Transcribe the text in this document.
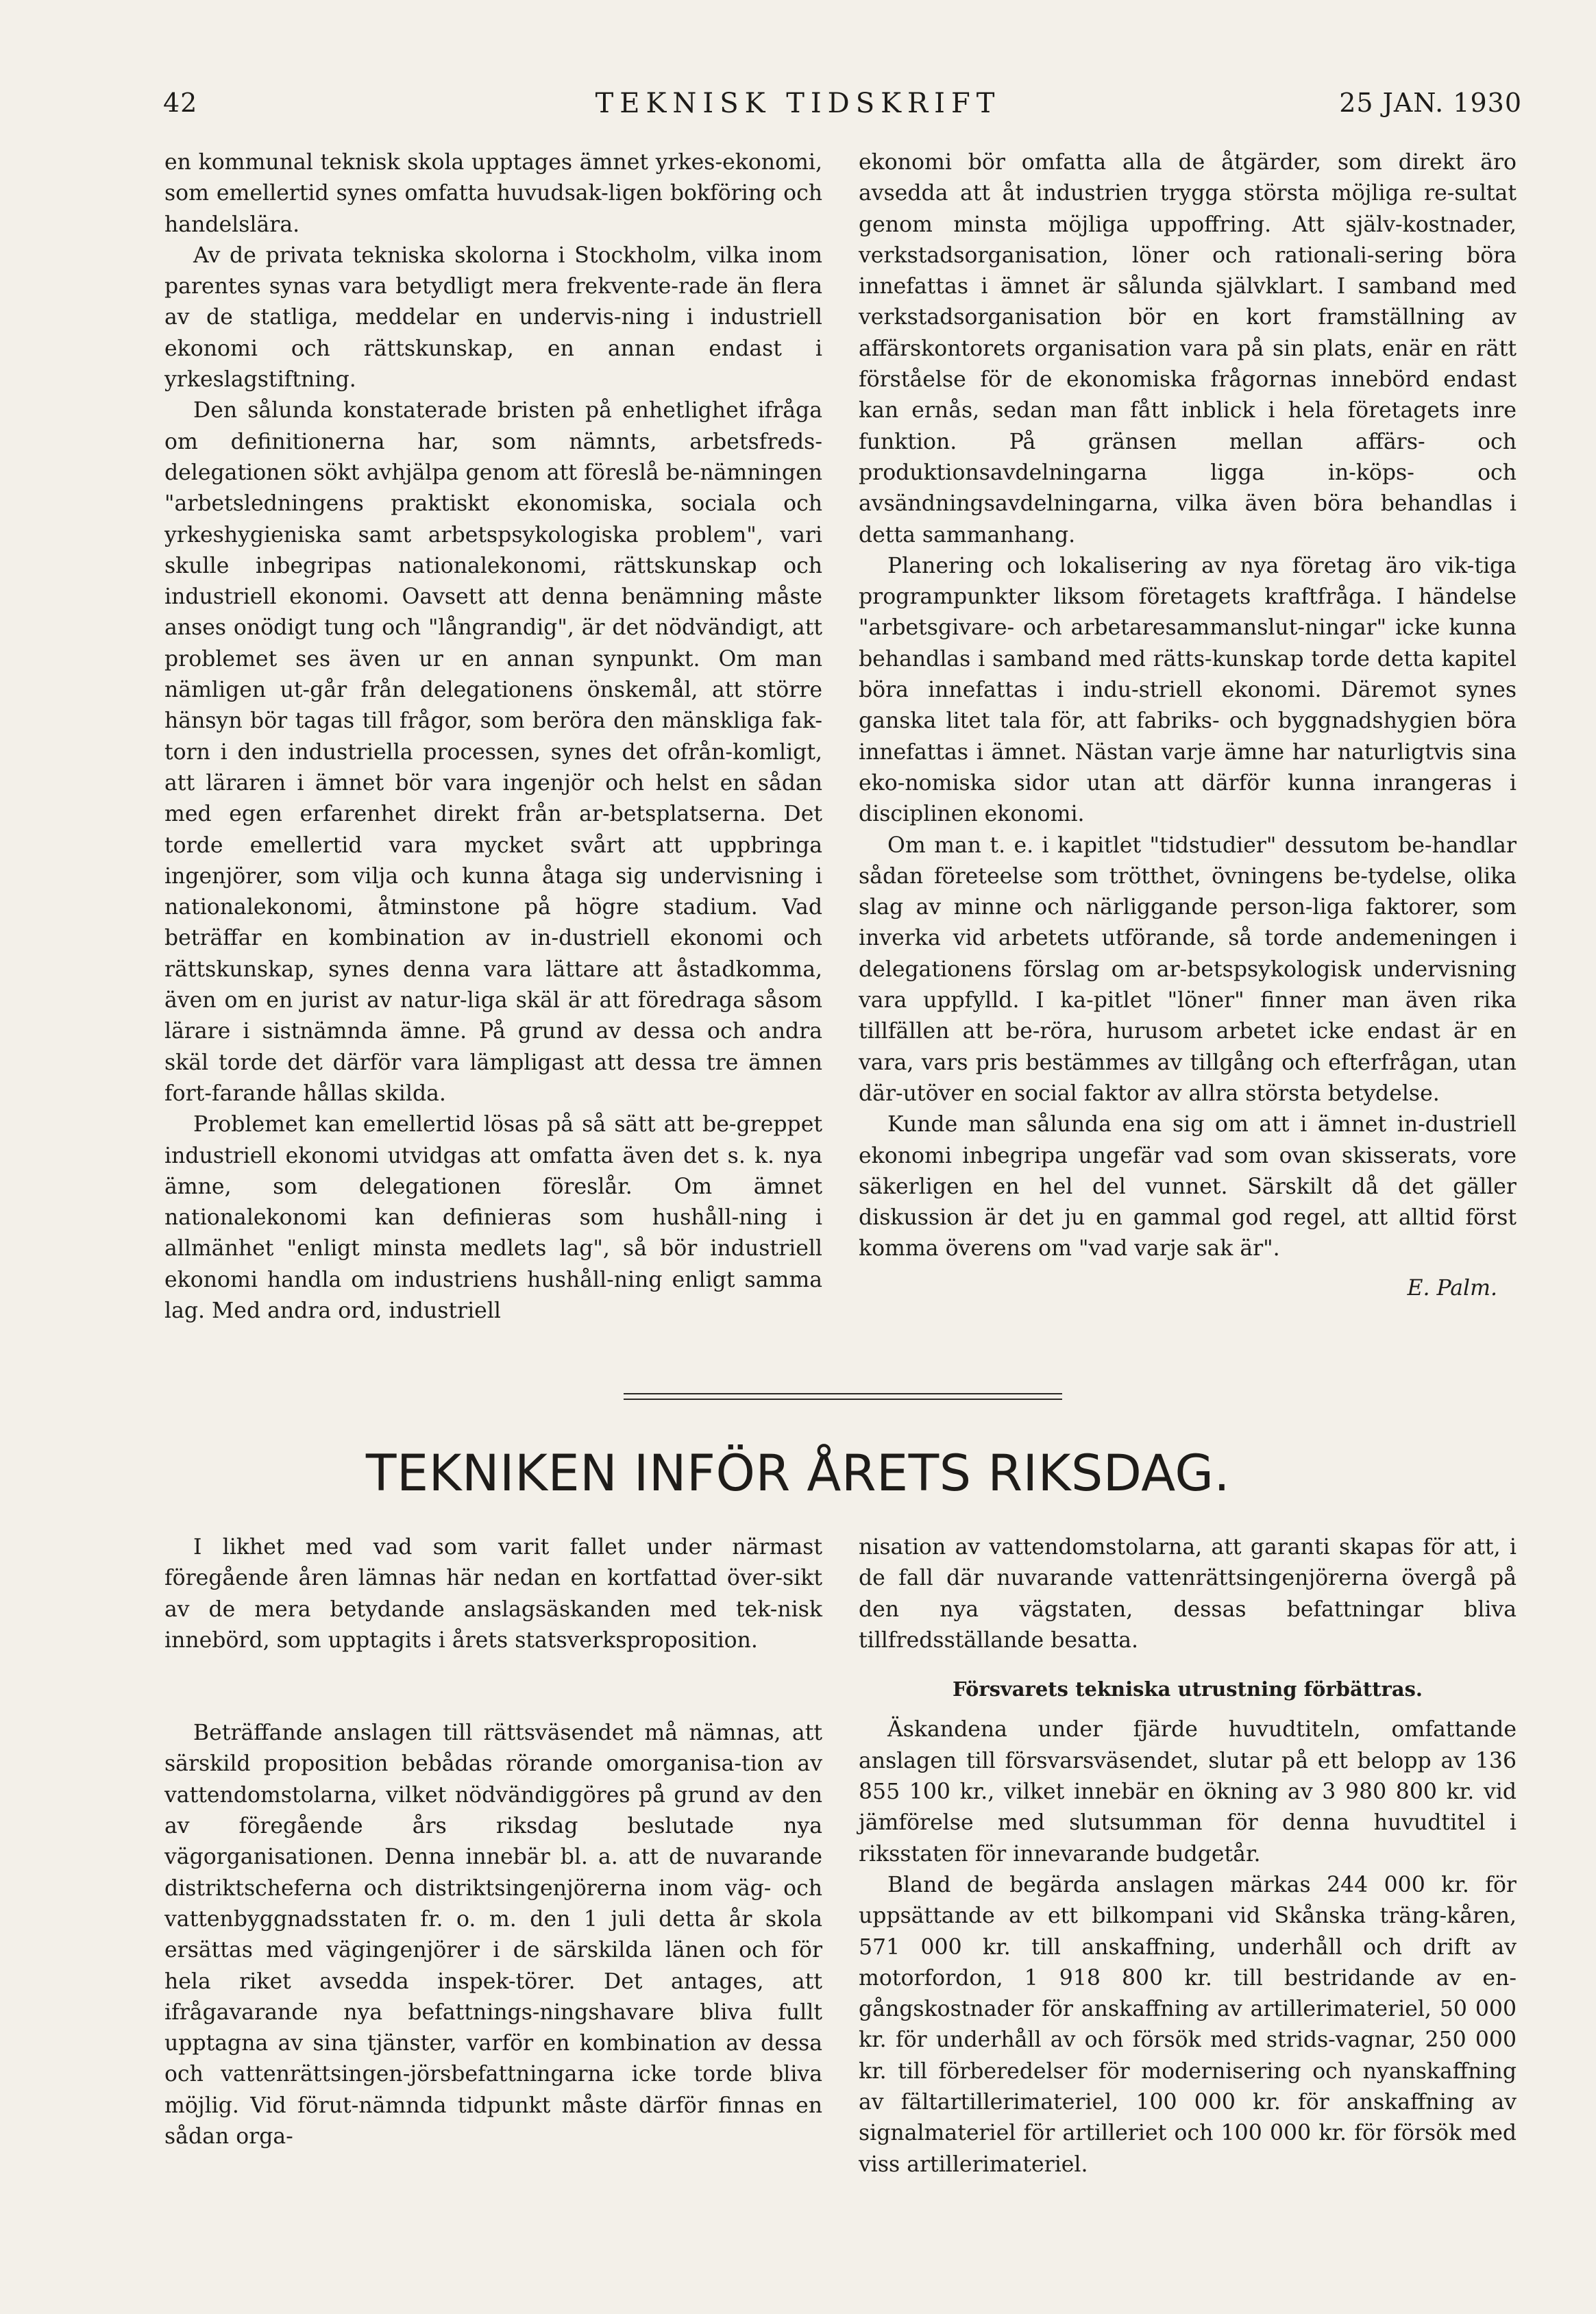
42	TEKNISK TIDSKRIFT	25 JAN. 1930

en kommunal teknisk skola upptages ämnet yrkes-ekonomi, som emellertid synes omfatta huvudsak-ligen bokföring och handelslära.

Av de privata tekniska skolorna i Stockholm, vilka inom parentes synas vara betydligt mera frekvente-rade än flera av de statliga, meddelar en undervis-ning i industriell ekonomi och rättskunskap, en annan endast i yrkeslagstiftning.

Den sålunda konstaterade bristen på enhetlighet ifråga om definitionerna har, som nämnts, arbetsfreds-delegationen sökt avhjälpa genom att föreslå be-nämningen "arbetsledningens praktiskt ekonomiska, sociala och yrkeshygieniska samt arbetspsykologiska problem", vari skulle inbegripas nationalekonomi, rättskunskap och industriell ekonomi. Oavsett att denna benämning måste anses onödigt tung och "långrandig", är det nödvändigt, att problemet ses även ur en annan synpunkt. Om man nämligen ut-går från delegationens önskemål, att större hänsyn bör tagas till frågor, som beröra den mänskliga fak-torn i den industriella processen, synes det ofrån-komligt, att läraren i ämnet bör vara ingenjör och helst en sådan med egen erfarenhet direkt från ar-betsplatserna. Det torde emellertid vara mycket svårt att uppbringa ingenjörer, som vilja och kunna åtaga sig undervisning i nationalekonomi, åtminstone på högre stadium. Vad beträffar en kombination av in-dustriell ekonomi och rättskunskap, synes denna vara lättare att åstadkomma, även om en jurist av natur-liga skäl är att föredraga såsom lärare i sistnämnda ämne. På grund av dessa och andra skäl torde det därför vara lämpligast att dessa tre ämnen fort-farande hållas skilda.

Problemet kan emellertid lösas på så sätt att be-greppet industriell ekonomi utvidgas att omfatta även det s. k. nya ämne, som delegationen föreslår. Om ämnet nationalekonomi kan definieras som hushåll-ning i allmänhet "enligt minsta medlets lag", så bör industriell ekonomi handla om industriens hushåll-ning enligt samma lag. Med andra ord, industriell

ekonomi bör omfatta alla de åtgärder, som direkt äro avsedda att åt industrien trygga största möjliga re-sultat genom minsta möjliga uppoffring. Att själv-kostnader, verkstadsorganisation, löner och rationali-sering böra innefattas i ämnet är sålunda självklart. I samband med verkstadsorganisation bör en kort framställning av affärskontorets organisation vara på sin plats, enär en rätt förståelse för de ekonomiska frågornas innebörd endast kan ernås, sedan man fått inblick i hela företagets inre funktion. På gränsen mellan affärs- och produktionsavdelningarna ligga in-köps- och avsändningsavdelningarna, vilka även böra behandlas i detta sammanhang.

Planering och lokalisering av nya företag äro vik-tiga programpunkter liksom företagets kraftfråga. I händelse "arbetsgivare- och arbetaresammanslut-ningar" icke kunna behandlas i samband med rätts-kunskap torde detta kapitel böra innefattas i indu-striell ekonomi. Däremot synes ganska litet tala för, att fabriks- och byggnadshygien böra innefattas i ämnet. Nästan varje ämne har naturligtvis sina eko-nomiska sidor utan att därför kunna inrangeras i disciplinen ekonomi.

Om man t. e. i kapitlet "tidstudier" dessutom be-handlar sådan företeelse som trötthet, övningens be-tydelse, olika slag av minne och närliggande person-liga faktorer, som inverka vid arbetets utförande, så torde andemeningen i delegationens förslag om ar-betspsykologisk undervisning vara uppfylld. I ka-pitlet "löner" finner man även rika tillfällen att be-röra, hurusom arbetet icke endast är en vara, vars pris bestämmes av tillgång och efterfrågan, utan där-utöver en social faktor av allra största betydelse.

Kunde man sålunda ena sig om att i ämnet in-dustriell ekonomi inbegripa ungefär vad som ovan skisserats, vore säkerligen en hel del vunnet. Särskilt då det gäller diskussion är det ju en gammal god regel, att alltid först komma överens om "vad varje sak är".

E. Palm.
TEKNIKEN INFÖR ÅRETS RIKSDAG.

I likhet med vad som varit fallet under närmast föregående åren lämnas här nedan en kortfattad över-sikt av de mera betydande anslagsäskanden med tek-nisk innebörd, som upptagits i årets statsverksproposition.

Beträffande anslagen till rättsväsendet må nämnas, att särskild proposition bebådas rörande omorganisa-tion av vattendomstolarna, vilket nödvändiggöres på grund av den av föregående års riksdag beslutade nya vägorganisationen. Denna innebär bl. a. att de nuvarande distriktscheferna och distriktsingenjörerna inom väg- och vattenbyggnadsstaten fr. o. m. den 1 juli detta år skola ersättas med vägingenjörer i de särskilda länen och för hela riket avsedda inspek-törer. Det antages, att ifrågavarande nya befattnings-ningshavare bliva fullt upptagna av sina tjänster, varför en kombination av dessa och vattenrättsingen-jörsbefattningarna icke torde bliva möjlig. Vid förut-nämnda tidpunkt måste därför finnas en sådan orga-

nisation av vattendomstolarna, att garanti skapas för att, i de fall där nuvarande vattenrättsingenjörerna övergå på den nya vägstaten, dessas befattningar bliva tillfredsställande besatta.

Försvarets tekniska utrustning förbättras.

Äskandena under fjärde huvudtiteln, omfattande anslagen till försvarsväsendet, slutar på ett belopp av 136 855 100 kr., vilket innebär en ökning av 3 980 800 kr. vid jämförelse med slutsumman för denna huvudtitel i riksstaten för innevarande budgetår.

Bland de begärda anslagen märkas 244 000 kr. för uppsättande av ett bilkompani vid Skånska träng-kåren, 571 000 kr. till anskaffning, underhåll och drift av motorfordon, 1 918 800 kr. till bestridande av en-gångskostnader för anskaffning av artillerimateriel, 50 000 kr. för underhåll av och försök med strids-vagnar, 250 000 kr. till förberedelser för modernisering och nyanskaffning av fältartillerimateriel, 100 000 kr. för anskaffning av signalmateriel för artilleriet och 100 000 kr. för försök med viss artillerimateriel.
